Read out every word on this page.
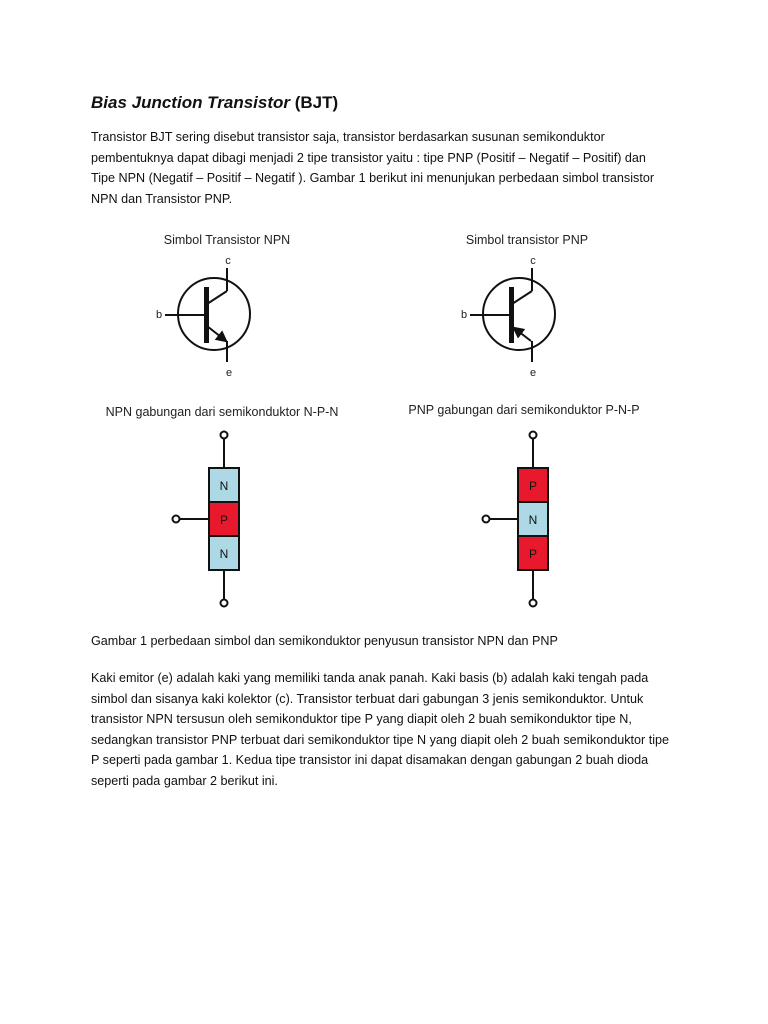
Bias Junction Transistor (BJT)
Transistor BJT sering disebut transistor saja, transistor berdasarkan susunan semikonduktor
pembentuknya dapat dibagi menjadi 2 tipe transistor yaitu : tipe PNP (Positif – Negatif – Positif) dan
Tipe NPN (Negatif – Positif – Negatif ). Gambar 1 berikut ini menunjukan perbedaan simbol transistor
NPN dan Transistor PNP.
Simbol Transistor NPN
c
b
e
Simbol transistor PNP
c
b
e
NPN gabungan dari semikonduktor N-P-N
N
P
N
PNP gabungan dari semikonduktor P-N-P
P
N
P
Gambar 1 perbedaan simbol dan semikonduktor penyusun transistor NPN dan PNP
Kaki emitor (e) adalah kaki yang memiliki tanda anak panah. Kaki basis (b) adalah kaki tengah pada
simbol dan sisanya kaki kolektor (c). Transistor terbuat dari gabungan 3 jenis semikonduktor. Untuk
transistor NPN tersusun oleh semikonduktor tipe P yang diapit oleh 2 buah semikonduktor tipe N,
sedangkan transistor PNP terbuat dari semikonduktor tipe N yang diapit oleh 2 buah semikonduktor tipe
P seperti pada gambar 1. Kedua tipe transistor ini dapat disamakan dengan gabungan 2 buah dioda
seperti pada gambar 2 berikut ini.
